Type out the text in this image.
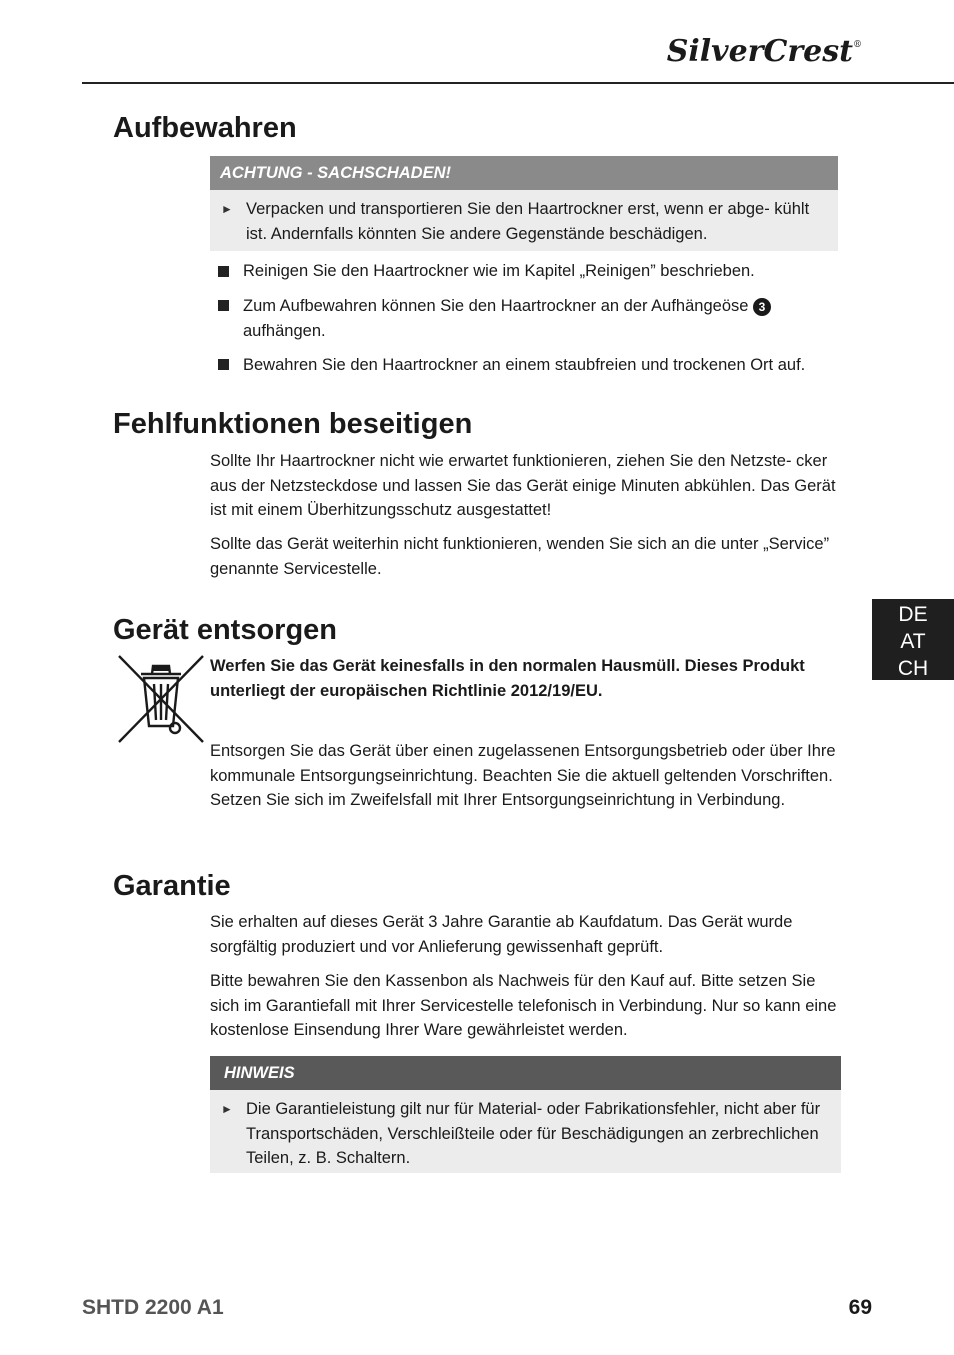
SilverCrest®
Aufbewahren
ACHTUNG - SACHSCHADEN!
► Verpacken und transportieren Sie den Haartrockner erst, wenn er abge- kühlt ist. Andernfalls könnten Sie andere Gegenstände beschädigen.

Reinigen Sie den Haartrockner wie im Kapitel „Reinigen” beschrieben.

Zum Aufbewahren können Sie den Haartrockner an der Aufhängeöse 3
aufhängen.

Bewahren Sie den Haartrockner an einem staubfreien und trockenen Ort auf.

Fehlfunktionen beseitigen

Sollte Ihr Haartrockner nicht wie erwartet funktionieren, ziehen Sie den Netzste- cker aus der Netzsteckdose und lassen Sie das Gerät einige Minuten abkühlen. Das Gerät ist mit einem Überhitzungsschutz ausgestattet!

Sollte das Gerät weiterhin nicht funktionieren, wenden Sie sich an die unter „Service” genannte Servicestelle.

Gerät entsorgen

Werfen Sie das Gerät keinesfalls in den normalen Hausmüll. Dieses Produkt unterliegt der europäischen Richtlinie 2012/19/EU.

Entsorgen Sie das Gerät über einen zugelassenen Entsorgungsbetrieb oder über Ihre kommunale Entsorgungseinrichtung. Beachten Sie die aktuell geltenden Vorschriften. Setzen Sie sich im Zweifelsfall mit Ihrer Entsorgungseinrichtung in Verbindung.

Garantie

Sie erhalten auf dieses Gerät 3 Jahre Garantie ab Kaufdatum. Das Gerät wurde sorgfältig produziert und vor Anlieferung gewissenhaft geprüft.

Bitte bewahren Sie den Kassenbon als Nachweis für den Kauf auf. Bitte setzen Sie sich im Garantiefall mit Ihrer Servicestelle telefonisch in Verbindung. Nur so kann eine kostenlose Einsendung Ihrer Ware gewährleistet werden.

HINWEIS
► Die Garantieleistung gilt nur für Material- oder Fabrikationsfehler, nicht aber für Transportschäden, Verschleißteile oder für Beschädigungen an zerbrechlichen Teilen, z. B. Schaltern.
DE
AT
CH
SHTD 2200 A1	69
